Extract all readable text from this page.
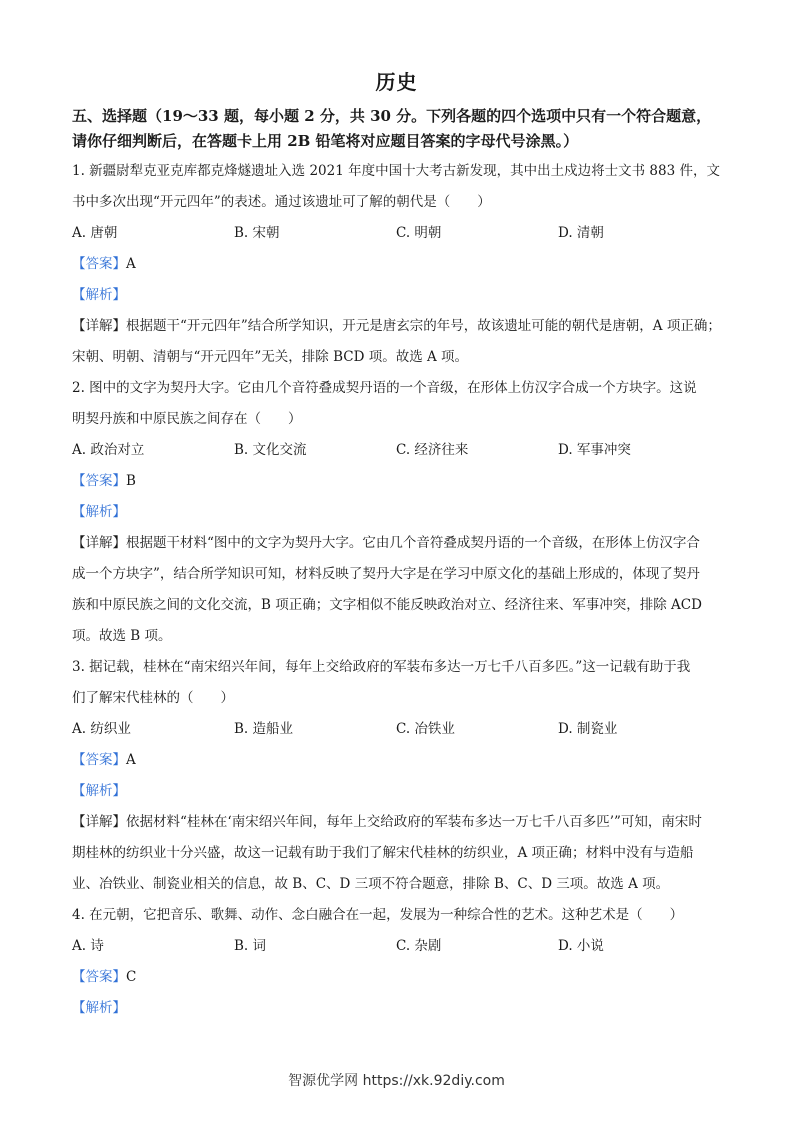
历史
五、选择题（19～33 题，每小题 2 分，共 30 分。下列各题的四个选项中只有一个符合题意，
请你仔细判断后，在答题卡上用 2B 铅笔将对应题目答案的字母代号涂黑。）
1. 新疆尉犁克亚克库都克烽燧遗址入选 2021 年度中国十大考古新发现，其中出土戍边将士文书 883 件，文
书中多次出现“开元四年”的表述。通过该遗址可了解的朝代是（　　）
A. 唐朝	B. 宋朝	C. 明朝	D. 清朝
【答案】A
【解析】
【详解】根据题干“开元四年”结合所学知识，开元是唐玄宗的年号，故该遗址可能的朝代是唐朝，A 项正确；
宋朝、明朝、清朝与“开元四年”无关，排除 BCD 项。故选 A 项。
2. 图中的文字为契丹大字。它由几个音符叠成契丹语的一个音级，在形体上仿汉字合成一个方块字。这说
明契丹族和中原民族之间存在（　　）
A. 政治对立	B. 文化交流	C. 经济往来	D. 军事冲突
【答案】B
【解析】
【详解】根据题干材料“图中的文字为契丹大字。它由几个音符叠成契丹语的一个音级，在形体上仿汉字合
成一个方块字”，结合所学知识可知，材料反映了契丹大字是在学习中原文化的基础上形成的，体现了契丹
族和中原民族之间的文化交流，B 项正确；文字相似不能反映政治对立、经济往来、军事冲突，排除 ACD
项。故选 B 项。
3. 据记载，桂林在“南宋绍兴年间，每年上交给政府的军装布多达一万七千八百多匹。”这一记载有助于我
们了解宋代桂林的（　　）
A. 纺织业	B. 造船业	C. 冶铁业	D. 制瓷业
【答案】A
【解析】
【详解】依据材料“桂林在‘南宋绍兴年间，每年上交给政府的军装布多达一万七千八百多匹’”可知，南宋时
期桂林的纺织业十分兴盛，故这一记载有助于我们了解宋代桂林的纺织业，A 项正确；材料中没有与造船
业、冶铁业、制瓷业相关的信息，故 B、C、D 三项不符合题意，排除 B、C、D 三项。故选 A 项。
4. 在元朝，它把音乐、歌舞、动作、念白融合在一起，发展为一种综合性的艺术。这种艺术是（　　）
A. 诗	B. 词	C. 杂剧	D. 小说
【答案】C
【解析】
智源优学网 https://xk.92diy.com
